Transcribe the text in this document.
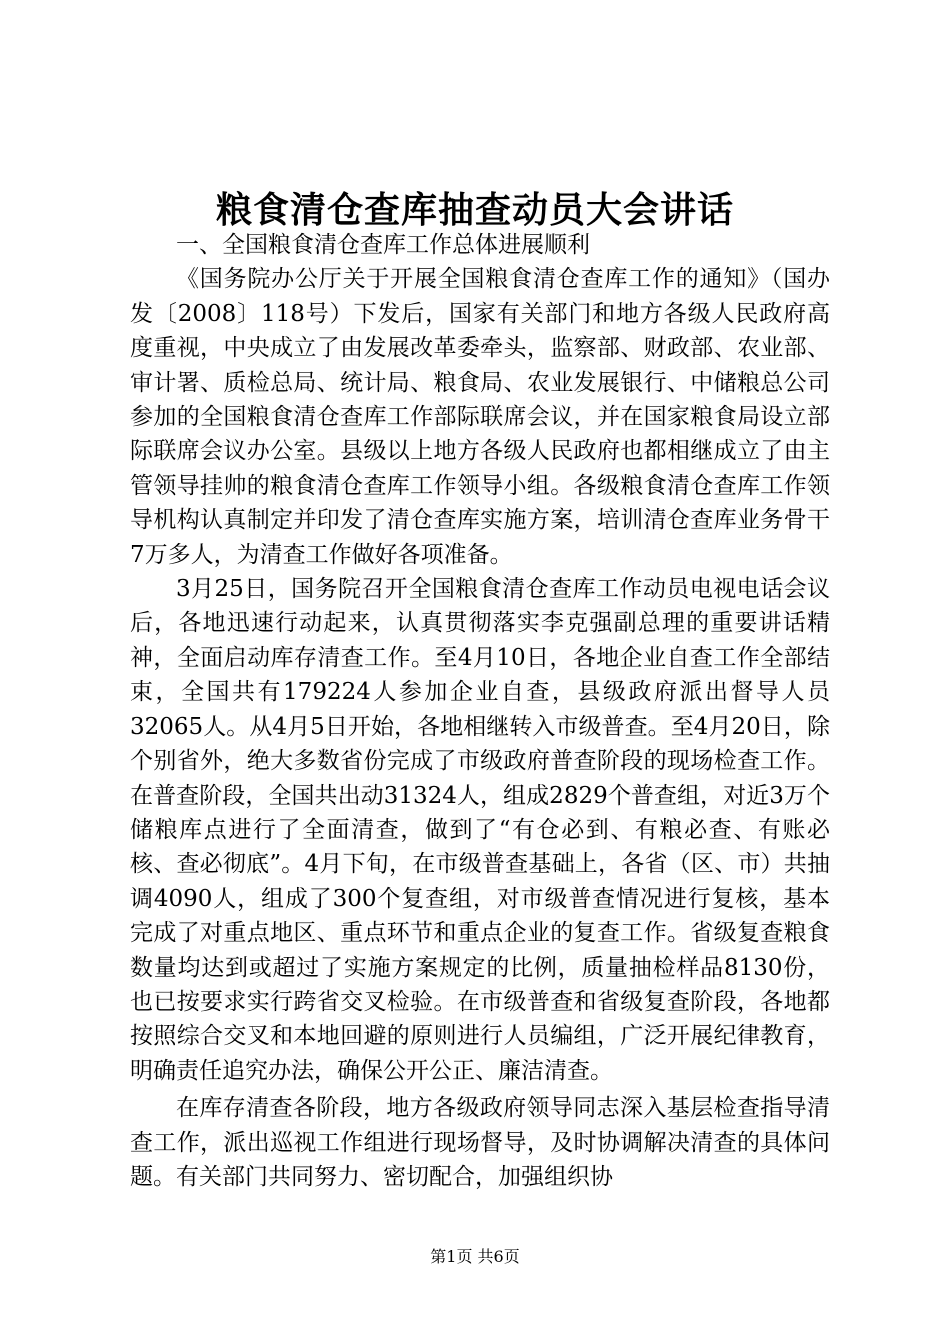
粮食清仓查库抽查动员大会讲话

一、全国粮食清仓查库工作总体进展顺利

《国务院办公厅关于开展全国粮食清仓查库工作的通知》（国办发〔2008〕118号）下发后，国家有关部门和地方各级人民政府高度重视，中央成立了由发展改革委牵头，监察部、财政部、农业部、审计署、质检总局、统计局、粮食局、农业发展银行、中储粮总公司参加的全国粮食清仓查库工作部际联席会议，并在国家粮食局设立部际联席会议办公室。县级以上地方各级人民政府也都相继成立了由主管领导挂帅的粮食清仓查库工作领导小组。各级粮食清仓查库工作领导机构认真制定并印发了清仓查库实施方案，培训清仓查库业务骨干7万多人，为清查工作做好各项准备。

3月25日，国务院召开全国粮食清仓查库工作动员电视电话会议后，各地迅速行动起来，认真贯彻落实李克强副总理的重要讲话精神，全面启动库存清查工作。至4月10日，各地企业自查工作全部结束，全国共有179224人参加企业自查，县级政府派出督导人员32065人。从4月5日开始，各地相继转入市级普查。至4月20日，除个别省外，绝大多数省份完成了市级政府普查阶段的现场检查工作。在普查阶段，全国共出动31324人，组成2829个普查组，对近3万个储粮库点进行了全面清查，做到了“有仓必到、有粮必查、有账必核、查必彻底”。4月下旬，在市级普查基础上，各省（区、市）共抽调4090人，组成了300个复查组，对市级普查情况进行复核，基本完成了对重点地区、重点环节和重点企业的复查工作。省级复查粮食数量均达到或超过了实施方案规定的比例，质量抽检样品8130份，也已按要求实行跨省交叉检验。在市级普查和省级复查阶段，各地都按照综合交叉和本地回避的原则进行人员编组，广泛开展纪律教育，明确责任追究办法，确保公开公正、廉洁清查。

在库存清查各阶段，地方各级政府领导同志深入基层检查指导清查工作，派出巡视工作组进行现场督导，及时协调解决清查的具体问题。有关部门共同努力、密切配合，加强组织协

第1页 共6页
